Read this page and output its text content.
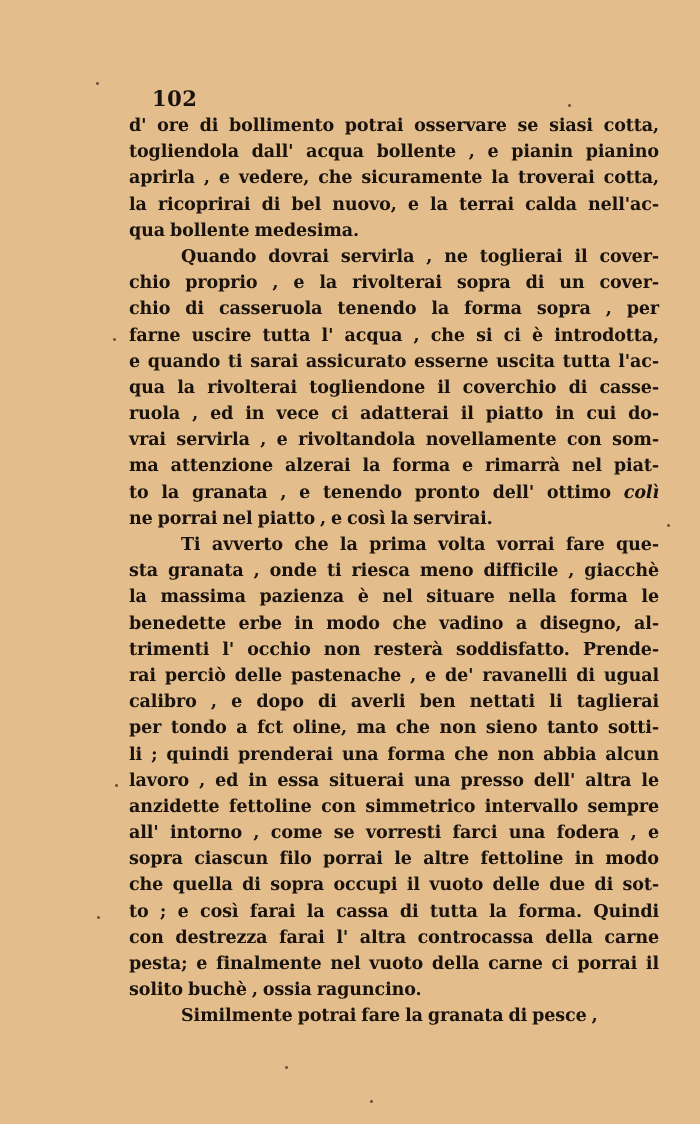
102
d' ore di bollimento potrai osservare se siasi cotta,
togliendola dall' acqua bollente , e pianin pianino
aprirla , e vedere, che sicuramente la troverai cotta,
la ricoprirai di bel nuovo, e la terrai calda nell'ac-
qua bollente medesima.
Quando dovrai servirla , ne toglierai il cover-
chio proprio , e la rivolterai sopra di un cover-
chio di casseruola tenendo la forma sopra , per
farne uscire tutta l' acqua , che si ci è introdotta,
e quando ti sarai assicurato esserne uscita tutta l'ac-
qua la rivolterai togliendone il coverchio di casse-
ruola , ed in vece ci adatterai il piatto in cui do-
vrai servirla , e rivoltandola novellamente con som-
ma attenzione alzerai la forma e rimarrà nel piat-
to la granata , e tenendo pronto dell' ottimo colì
ne porrai nel piatto , e così la servirai.
Ti avverto che la prima volta vorrai fare que-
sta granata , onde ti riesca meno difficile , giacchè
la massima pazienza è nel situare nella forma le
benedette erbe in modo che vadino a disegno, al-
trimenti l' occhio non resterà soddisfatto. Prende-
rai perciò delle pastenache , e de' ravanelli di ugual
calibro , e dopo di averli ben nettati li taglierai
per tondo a fct oline, ma che non sieno tanto sotti-
li ; quindi prenderai una forma che non abbia alcun
lavoro , ed in essa situerai una presso dell' altra le
anzidette fettoline con simmetrico intervallo sempre
all' intorno , come se vorresti farci una fodera , e
sopra ciascun filo porrai le altre fettoline in modo
che quella di sopra occupi il vuoto delle due di sot-
to ; e così farai la cassa di tutta la forma. Quindi
con destrezza farai l' altra controcassa della carne
pesta; e finalmente nel vuoto della carne ci porrai il
solito buchè , ossia raguncino.
Similmente potrai fare la granata di pesce ,
